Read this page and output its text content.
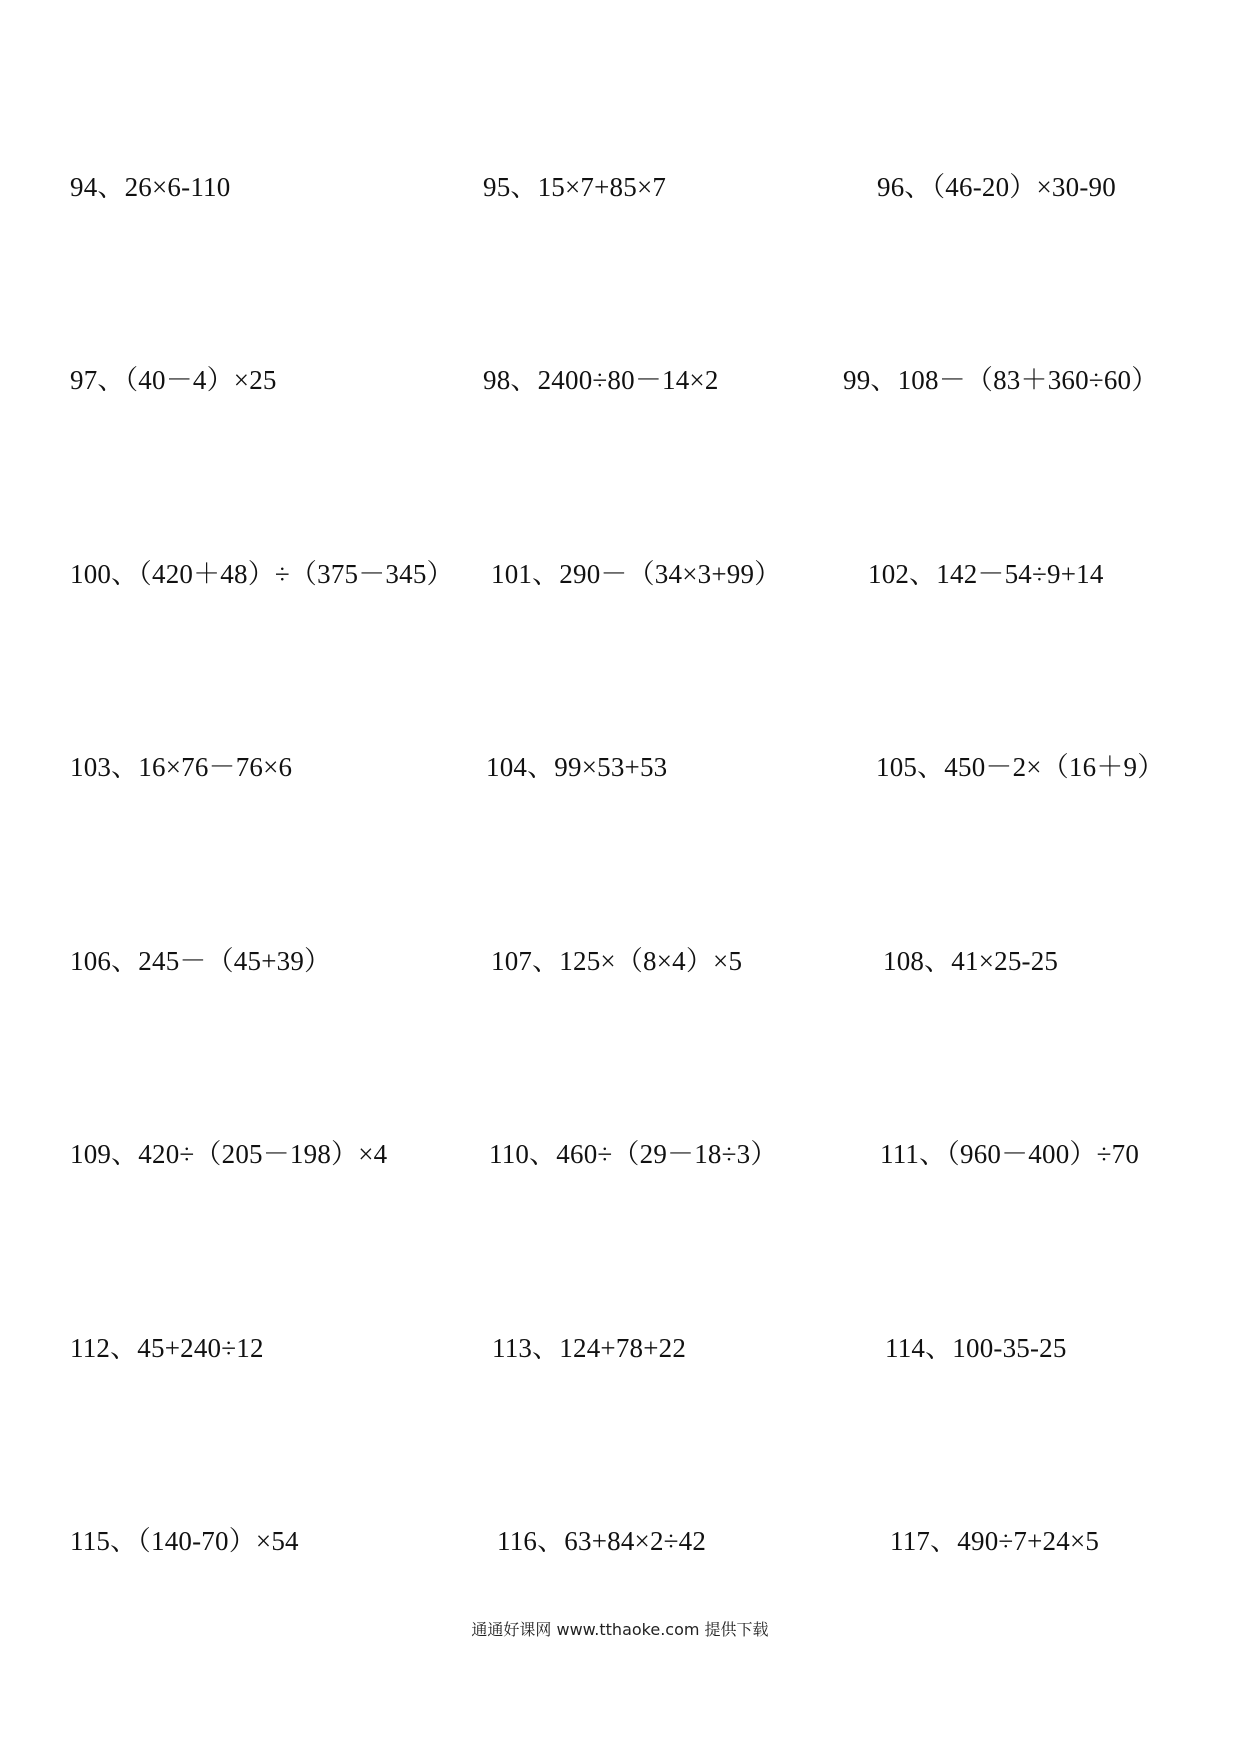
94、26×6-110	95、15×7+85×7	96、（46-20）×30-90
97、（40－4）×25	98、2400÷80－14×2	99、108－（83＋360÷60）
100、（420＋48）÷（375－345） 101、290－（34×3+99）	102、142－54÷9+14
103、16×76－76×6	104、99×53+53	105、450－2×（16＋9）
106、245－（45+39）	107、125×（8×4）×5	108、41×25-25
109、420÷（205－198）×4	110、460÷（29－18÷3）	111、（960－400）÷70
112、45+240÷12	113、124+78+22	114、100-35-25
115、（140-70）×54	116、63+84×2÷42	117、490÷7+24×5
通通好课网 www.tthaoke.com 提供下载
